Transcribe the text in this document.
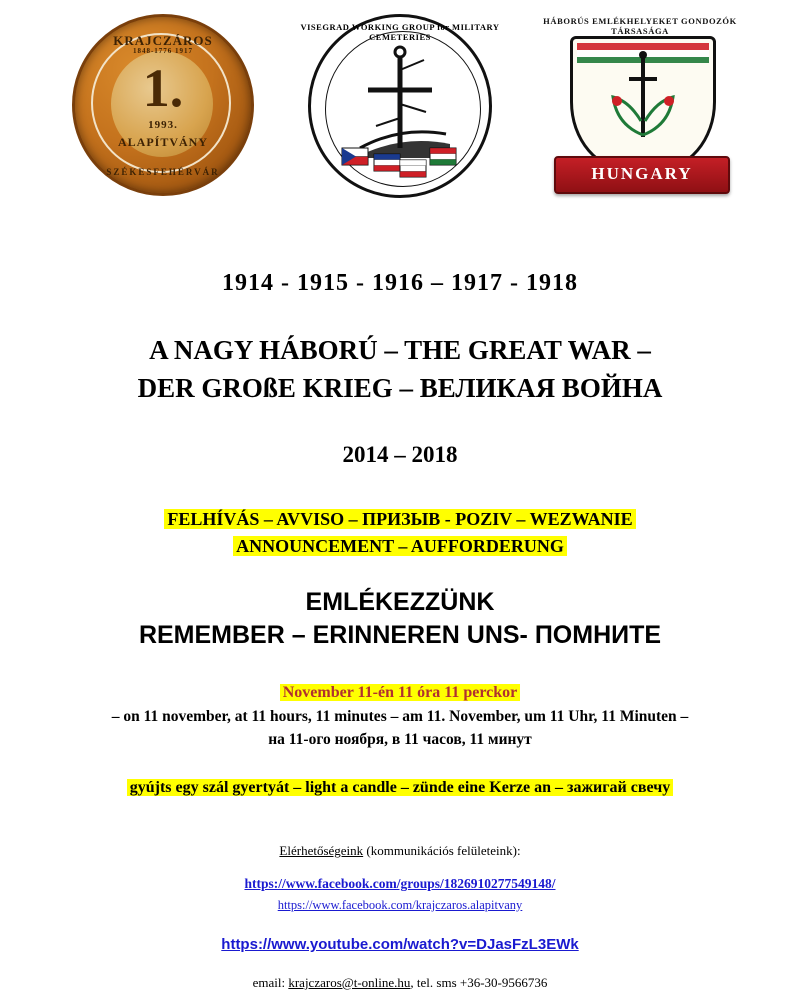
KRAJCZÁROS
1848-1776 1917
1.
1993.
ALAPÍTVÁNY
SZÉKESFEHÉRVÁR
VISEGRAD WORKING GROUP for MILITARY CEMETERIES
HÁBORÚS EMLÉKHELYEKET GONDOZÓK TÁRSASÁGA
HUNGARY
1914 - 1915 - 1916 – 1917 - 1918
A NAGY HÁBORÚ – THE GREAT WAR –
DER GROßE KRIEG – ВЕЛИКАЯ ВОЙНА
2014 – 2018
FELHÍVÁS – AVVISO – ПРИЗЫВ - POZIV – WEZWANIE
ANNOUNCEMENT – AUFFORDERUNG
EMLÉKEZZÜNK
REMEMBER – ERINNEREN UNS- ПОМНИТЕ
November 11-én 11 óra 11 perckor
– on 11 november, at 11 hours, 11 minutes – am 11. November, um 11 Uhr, 11 Minuten –
на 11-ого ноября, в 11 часов, 11 минут
gyújts egy szál gyertyát – light a candle – zünde eine Kerze an – зажигай свечу
Elérhetőségeink (kommunikációs felületeink):
https://www.facebook.com/groups/1826910277549148/
https://www.facebook.com/krajczaros.alapitvany
https://www.youtube.com/watch?v=DJasFzL3EWk
email: krajczaros@t-online.hu, tel. sms +36-30-9566736
